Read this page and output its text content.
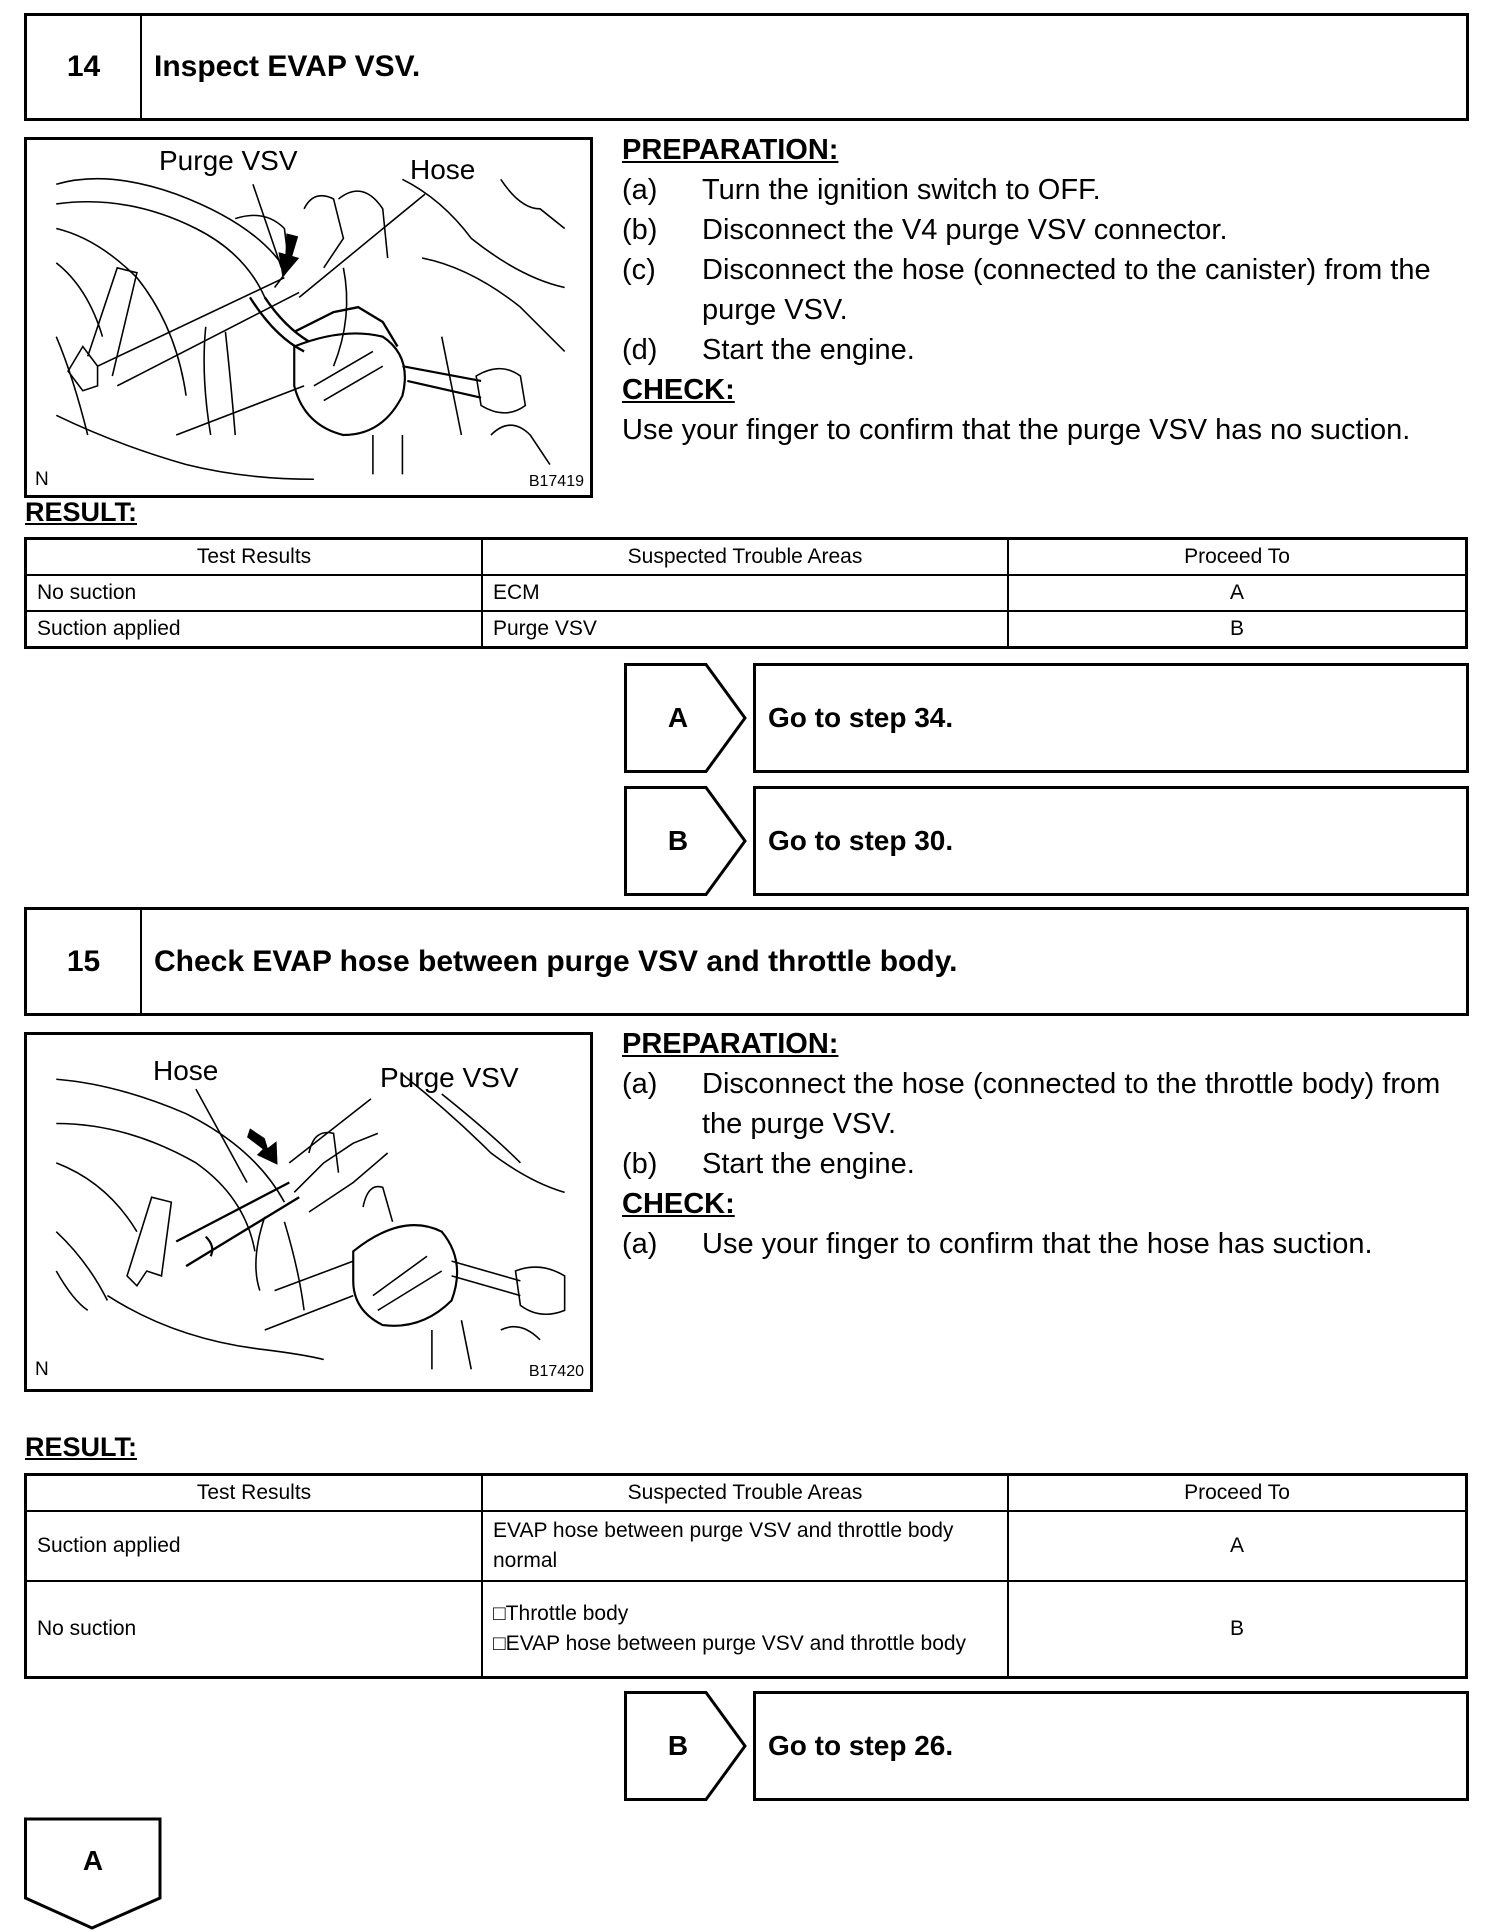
14	Inspect EVAP VSV.
Purge VSV	Hose
N	B17419
PREPARATION:
(a)	Turn the ignition switch to OFF.
(b)	Disconnect the V4 purge VSV connector.
(c)	Disconnect the hose (connected to the canister) from the purge VSV.
(d)	Start the engine.
CHECK:
Use your finger to confirm that the purge VSV has no suction.
RESULT:
Test Results	Suspected Trouble Areas	Proceed To
No suction	ECM	A
Suction applied	Purge VSV	B
A	Go to step 34.
B	Go to step 30.
15	Check EVAP hose between purge VSV and throttle body.
Hose	Purge VSV
N	B17420
PREPARATION:
(a)	Disconnect the hose (connected to the throttle body) from the purge VSV.
(b)	Start the engine.
CHECK:
(a)	Use your finger to confirm that the hose has suction.
RESULT:
Test Results	Suspected Trouble Areas	Proceed To
Suction applied	EVAP hose between purge VSV and throttle body normal	A
No suction	□Throttle body
□EVAP hose between purge VSV and throttle body	B
B	Go to step 26.
A
